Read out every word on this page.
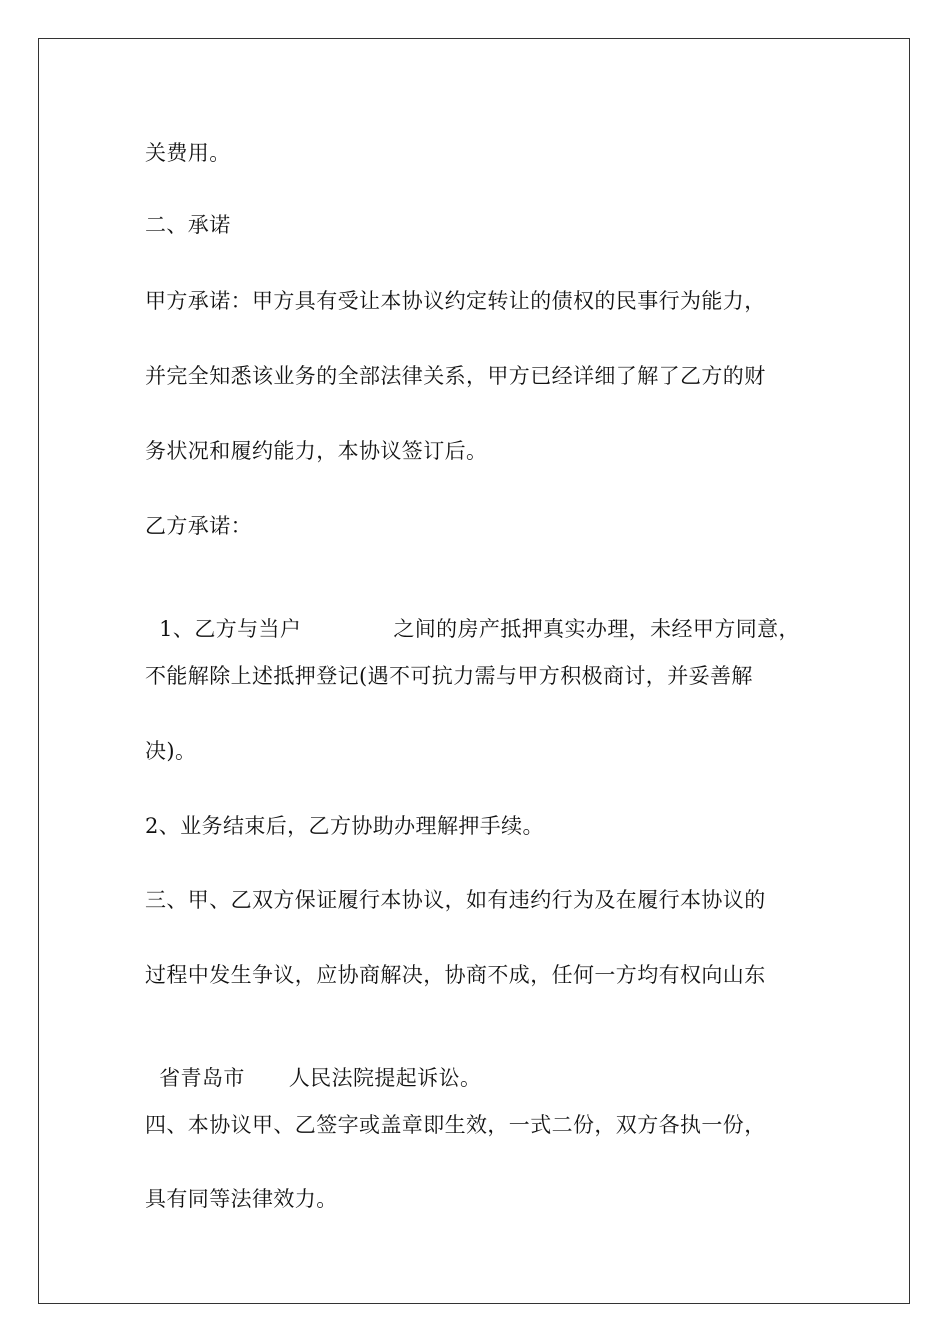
关费用。
二、承诺
甲方承诺：甲方具有受让本协议约定转让的债权的民事行为能力，
并完全知悉该业务的全部法律关系，甲方已经详细了解了乙方的财
务状况和履约能力，本协议签订后。
乙方承诺：

1、乙方与当户	之间的房产抵押真实办理，未经甲方同意，

不能解除上述抵押登记(遇不可抗力需与甲方积极商讨，并妥善解
决)。
2、业务结束后，乙方协助办理解押手续。
三、甲、乙双方保证履行本协议，如有违约行为及在履行本协议的
过程中发生争议，应协商解决，协商不成，任何一方均有权向山东

省青岛市 人民法院提起诉讼。

四、本协议甲、乙签字或盖章即生效，一式二份，双方各执一份，
具有同等法律效力。
